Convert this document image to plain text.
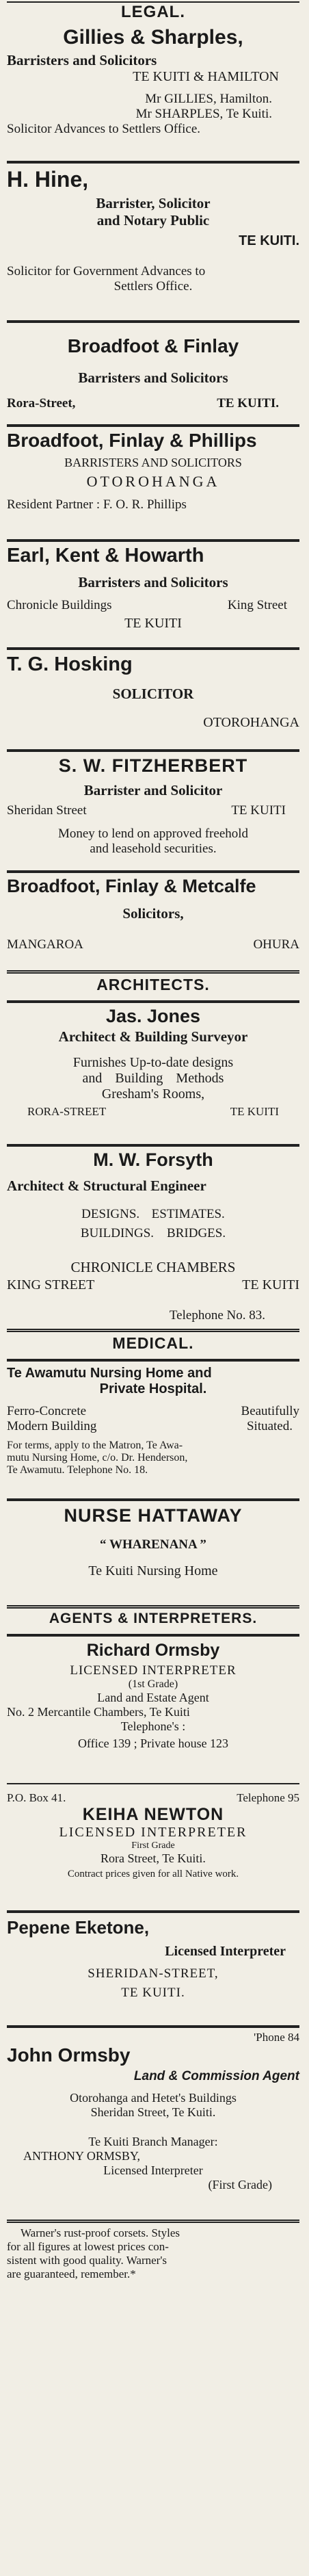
LEGAL.
Gillies & Sharples,
Barristers and Solicitors
TE KUITI & HAMILTON
Mr GILLIES, Hamilton.
Mr SHARPLES, Te Kuiti.
Solicitor Advances to Settlers Office.
H. Hine,
Barrister, Solicitor
and Notary Public
TE KUITI.
Solicitor for Government Advances to
Settlers Office.
Broadfoot & Finlay
Barristers and Solicitors
Rora-Street,	TE KUITI.
Broadfoot, Finlay & Phillips
BARRISTERS AND SOLICITORS
OTOROHANGA
Resident Partner : F. O. R. Phillips
Earl, Kent & Howarth
Barristers and Solicitors
Chronicle Buildings	King Street
TE KUITI
T. G. Hosking
SOLICITOR
OTOROHANGA
S. W. FITZHERBERT
Barrister and Solicitor
Sheridan Street	TE KUITI
Money to lend on approved freehold
and leasehold securities.
Broadfoot, Finlay & Metcalfe
Solicitors,
MANGAROA	OHURA
ARCHITECTS.
Jas. Jones
Architect & Building Surveyor
Furnishes Up-to-date designs
and Building Methods
Gresham's Rooms,
RORA-STREET	TE KUITI
M. W. Forsyth
Architect & Structural Engineer
DESIGNS. ESTIMATES.
BUILDINGS. BRIDGES.
CHRONICLE CHAMBERS
KING STREET	TE KUITI
Telephone No. 83.
MEDICAL.
Te Awamutu Nursing Home and
Private Hospital.
Ferro-Concrete	Beautifully
Modern Building	Situated.
For terms, apply to the Matron, Te Awa-
mutu Nursing Home, c/o. Dr. Henderson,
Te Awamutu. Telephone No. 18.
NURSE HATTAWAY
“ WHARENANA ”
Te Kuiti Nursing Home
AGENTS & INTERPRETERS.
Richard Ormsby
LICENSED INTERPRETER
(1st Grade)
Land and Estate Agent
No. 2 Mercantile Chambers, Te Kuiti
Telephone's :
Office 139 ; Private house 123
P.O. Box 41.	Telephone 95
KEIHA NEWTON
LICENSED INTERPRETER
First Grade
Rora Street, Te Kuiti.
Contract prices given for all Native work.
Pepene Eketone,
Licensed Interpreter
SHERIDAN-STREET,
TE KUITI.
'Phone 84
John Ormsby
Land & Commission Agent
Otorohanga and Hetet's Buildings
Sheridan Street, Te Kuiti.
Te Kuiti Branch Manager:
ANTHONY ORMSBY,
Licensed Interpreter
(First Grade)
Warner's rust-proof corsets. Styles
for all figures at lowest prices con-
sistent with good quality. Warner's
are guaranteed, remember.*
